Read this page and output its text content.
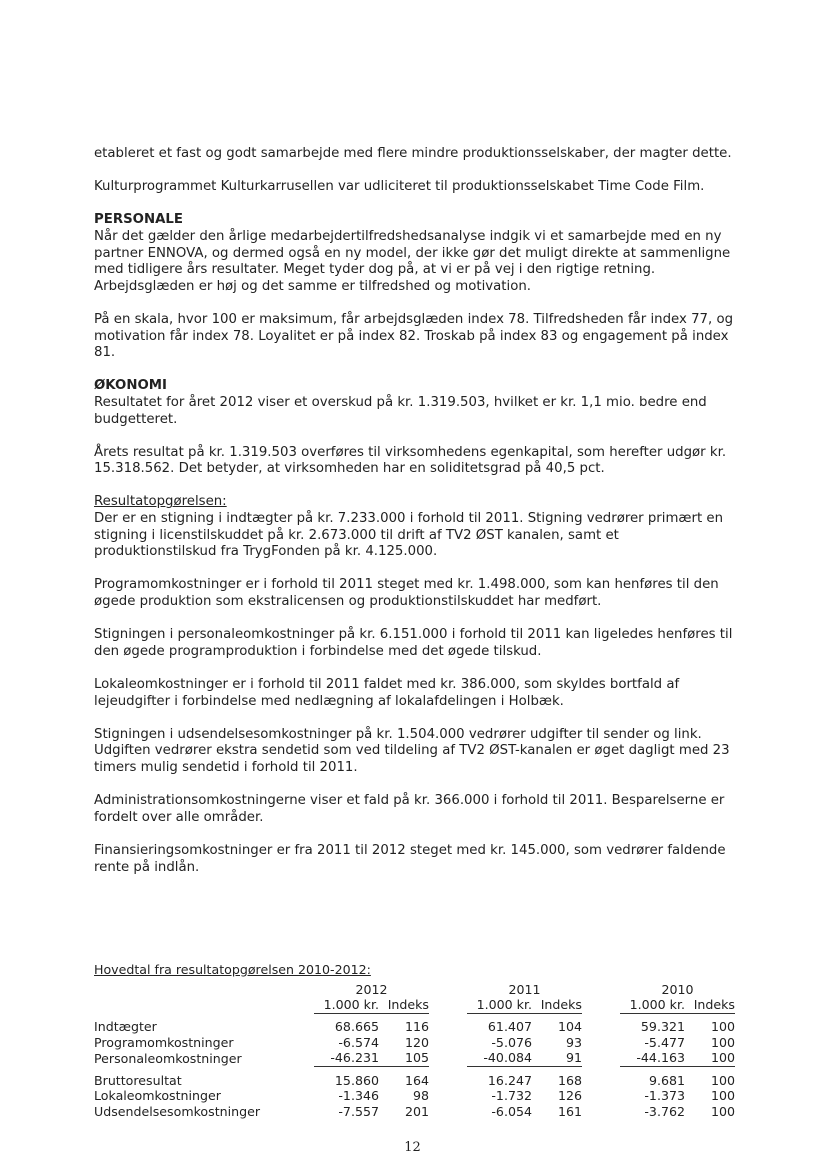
etableret et fast og godt samarbejde med flere mindre produktionsselskaber, der magter dette.

Kulturprogrammet Kulturkarrusellen var udliciteret til produktionsselskabet Time Code Film.

PERSONALE

Når det gælder den årlige medarbejdertilfredshedsanalyse indgik vi et samarbejde med en ny partner ENNOVA, og dermed også en ny model, der ikke gør det muligt direkte at sammenligne med tidligere års resultater. Meget tyder dog på, at vi er på vej i den rigtige retning. Arbejdsglæden er høj og det samme er tilfredshed og motivation.

På en skala, hvor 100 er maksimum, får arbejdsglæden index 78. Tilfredsheden får index 77, og motivation får index 78. Loyalitet er på index 82. Troskab på index 83 og engagement på index 81.

ØKONOMI

Resultatet for året 2012 viser et overskud på kr. 1.319.503, hvilket er kr. 1,1 mio. bedre end budgetteret.

Årets resultat på kr. 1.319.503 overføres til virksomhedens egenkapital, som herefter udgør kr. 15.318.562. Det betyder, at virksomheden har en soliditetsgrad på 40,5 pct.

Resultatopgørelsen:

Der er en stigning i indtægter på kr. 7.233.000 i forhold til 2011. Stigning vedrører primært en stigning i licenstilskuddet på kr. 2.673.000 til drift af TV2 ØST kanalen, samt et produktionstilskud fra TrygFonden på kr. 4.125.000.

Programomkostninger er i forhold til 2011 steget med kr. 1.498.000, som kan henføres til den øgede produktion som ekstralicensen og produktionstilskuddet har medført.

Stigningen i personaleomkostninger på kr. 6.151.000 i forhold til 2011 kan ligeledes henføres til den øgede programproduktion i forbindelse med det øgede tilskud.

Lokaleomkostninger er i forhold til 2011 faldet med kr. 386.000, som skyldes bortfald af lejeudgifter i forbindelse med nedlægning af lokalafdelingen i Holbæk.

Stigningen i udsendelsesomkostninger på kr. 1.504.000 vedrører udgifter til sender og link. Udgiften vedrører ekstra sendetid som ved tildeling af TV2 ØST-kanalen er øget dagligt med 23 timers mulig sendetid i forhold til 2011.

Administrationsomkostningerne viser et fald på kr. 366.000 i forhold til 2011. Besparelserne er fordelt over alle områder.

Finansieringsomkostninger er fra 2011 til 2012 steget med kr. 145.000, som vedrører faldende rente på indlån.

Hovedtal fra resultatopgørelsen 2010-2012:								
	2012			2011			2010	
	1.000 kr.	Indeks		1.000 kr.	Indeks		1.000 kr.	Indeks

Indtægter	68.665	116		61.407	104		59.321	100
Programomkostninger	-6.574	120		-5.076	93		-5.477	100
Personaleomkostninger	-46.231	105		-40.084	91		-44.163	100

Bruttoresultat	15.860	164		16.247	168		9.681	100
Lokaleomkostninger	-1.346	98		-1.732	126		-1.373	100
Udsendelsesomkostninger	-7.557	201		-6.054	161		-3.762	100
12
